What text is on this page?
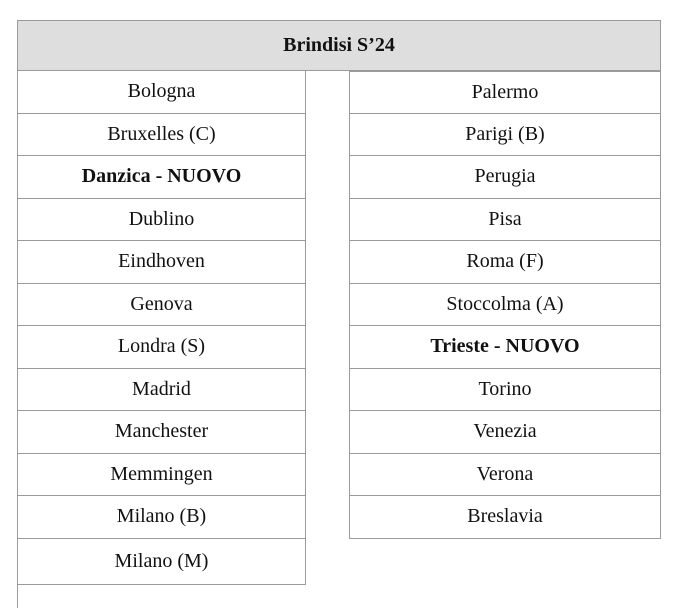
Brindisi S’24
Bologna
Bruxelles (C)
Danzica - NUOVO
Dublino
Eindhoven
Genova
Londra (S)
Madrid
Manchester
Memmingen
Milano (B)
Milano (M)
Palermo
Parigi (B)
Perugia
Pisa
Roma (F)
Stoccolma (A)
Trieste - NUOVO
Torino
Venezia
Verona
Breslavia
